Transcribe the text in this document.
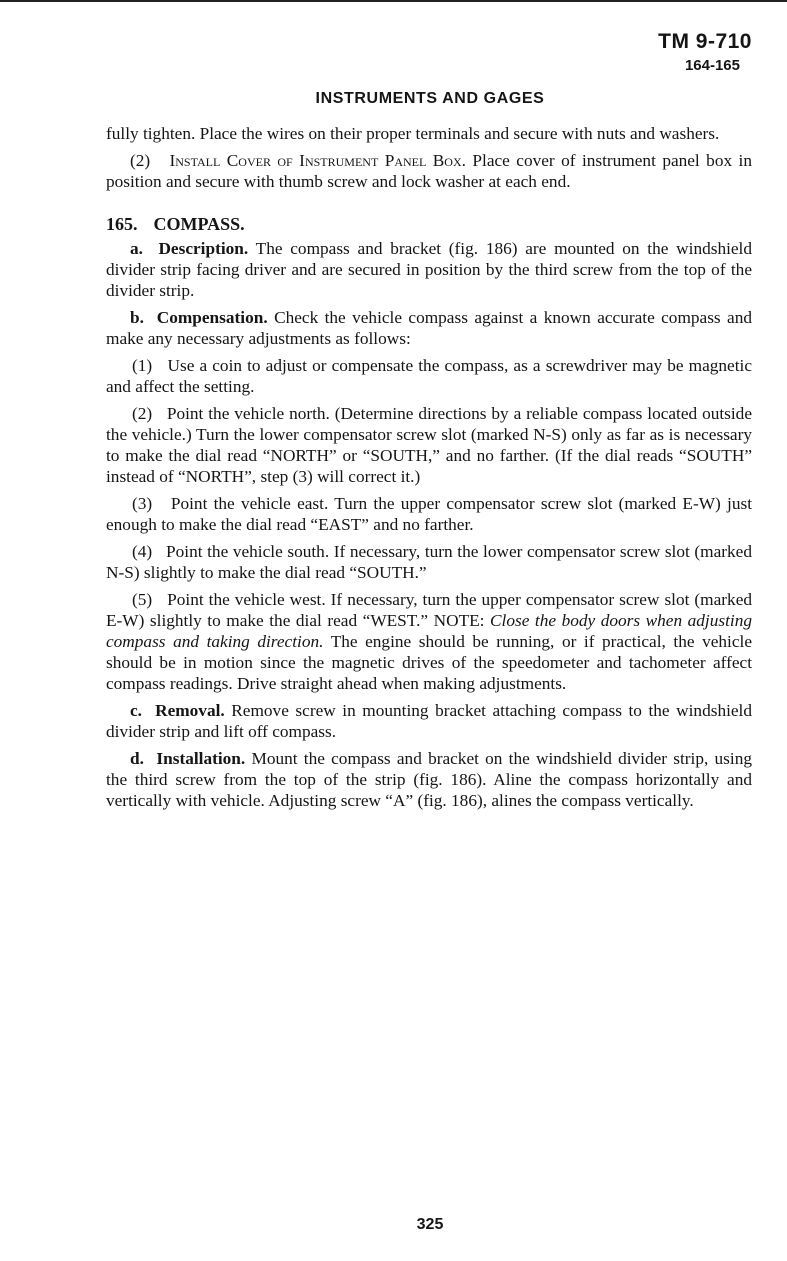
TM 9-710
164-165
INSTRUMENTS AND GAGES

fully tighten. Place the wires on their proper terminals and secure with nuts and washers.

(2) Install Cover of Instrument Panel Box. Place cover of instrument panel box in position and secure with thumb screw and lock washer at each end.

165. COMPASS.

a. Description. The compass and bracket (fig. 186) are mounted on the windshield divider strip facing driver and are secured in position by the third screw from the top of the divider strip.

b. Compensation. Check the vehicle compass against a known accurate compass and make any necessary adjustments as follows:

(1) Use a coin to adjust or compensate the compass, as a screwdriver may be magnetic and affect the setting.

(2) Point the vehicle north. (Determine directions by a reliable compass located outside the vehicle.) Turn the lower compensator screw slot (marked N-S) only as far as is necessary to make the dial read “NORTH” or “SOUTH,” and no farther. (If the dial reads “SOUTH” instead of “NORTH”, step (3) will correct it.)

(3) Point the vehicle east. Turn the upper compensator screw slot (marked E-W) just enough to make the dial read “EAST” and no farther.

(4) Point the vehicle south. If necessary, turn the lower compensator screw slot (marked N-S) slightly to make the dial read “SOUTH.”

(5) Point the vehicle west. If necessary, turn the upper compensator screw slot (marked E-W) slightly to make the dial read “WEST.” NOTE: Close the body doors when adjusting compass and taking direction. The engine should be running, or if practical, the vehicle should be in motion since the magnetic drives of the speedometer and tachometer affect compass readings. Drive straight ahead when making adjustments.

c. Removal. Remove screw in mounting bracket attaching compass to the windshield divider strip and lift off compass.

d. Installation. Mount the compass and bracket on the windshield divider strip, using the third screw from the top of the strip (fig. 186). Aline the compass horizontally and vertically with vehicle. Adjusting screw “A” (fig. 186), alines the compass vertically.

325
